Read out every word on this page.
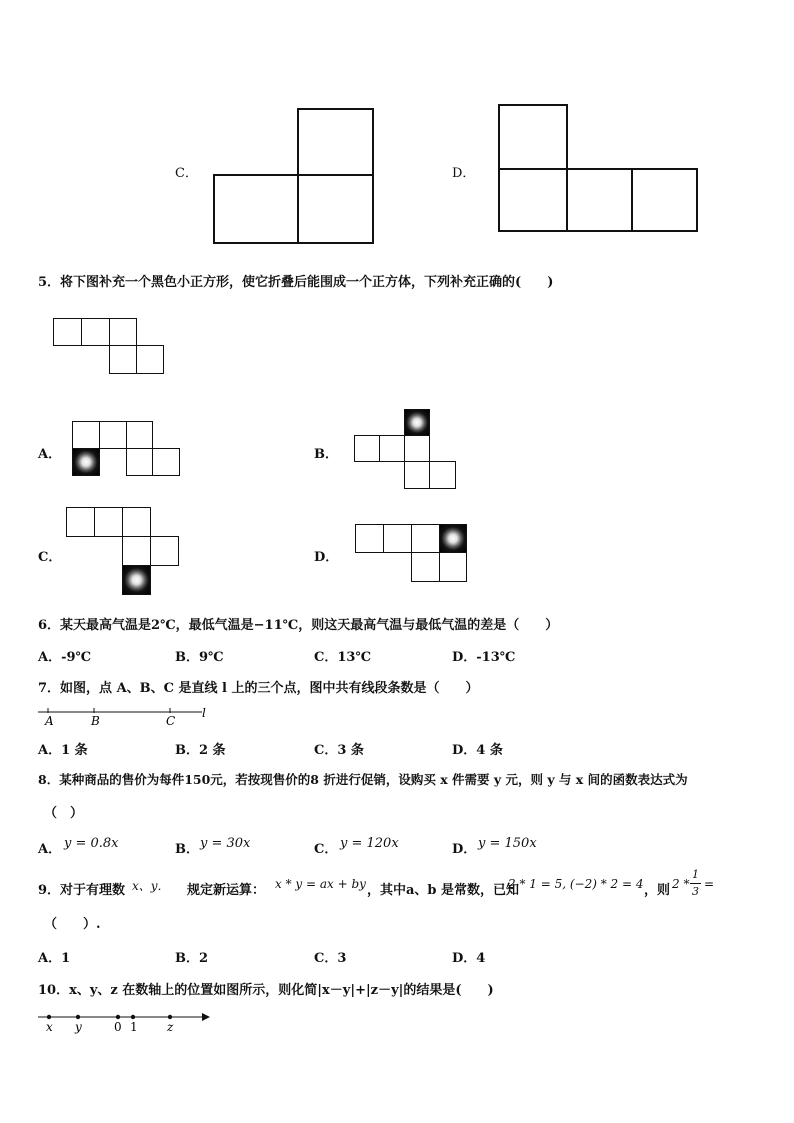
C．	D．
5．将下图补充一个黑色小正方形，使它折叠后能围成一个正方体，下列补充正确的(　　)
A．	B．
C．	D．
6．某天最高气温是2℃，最低气温是−11℃，则这天最高气温与最低气温的差是（　　）
A．-9℃	B．9℃	C．13℃	D．-13℃
7．如图，点 A、B、C 是直线 l 上的三个点，图中共有线段条数是（　　）
A	B	C
l
A．1 条	B．2 条	C．3 条	D．4 条
8．某种商品的售价为每件150元，若按现售价的8 折进行促销，设购买 x 件需要 y 元，则 y 与 x 间的函数表达式为
（　）
A． y = 0.8x	B． y = 30x	C． y = 120x	D． y = 150x
9．对于有理数 x、y． 规定新运算： x * y = ax + by ，其中a、b 是常数，已知
2 * 1 = 5, (−2) * 2 = 4 ，则 2 *
1
3
=
（　　）.
A．1	B．2	C．3	D．4
10．x、y、z 在数轴上的位置如图所示，则化简|x－y|+|z－y|的结果是(　　)
x y	0 1 z
